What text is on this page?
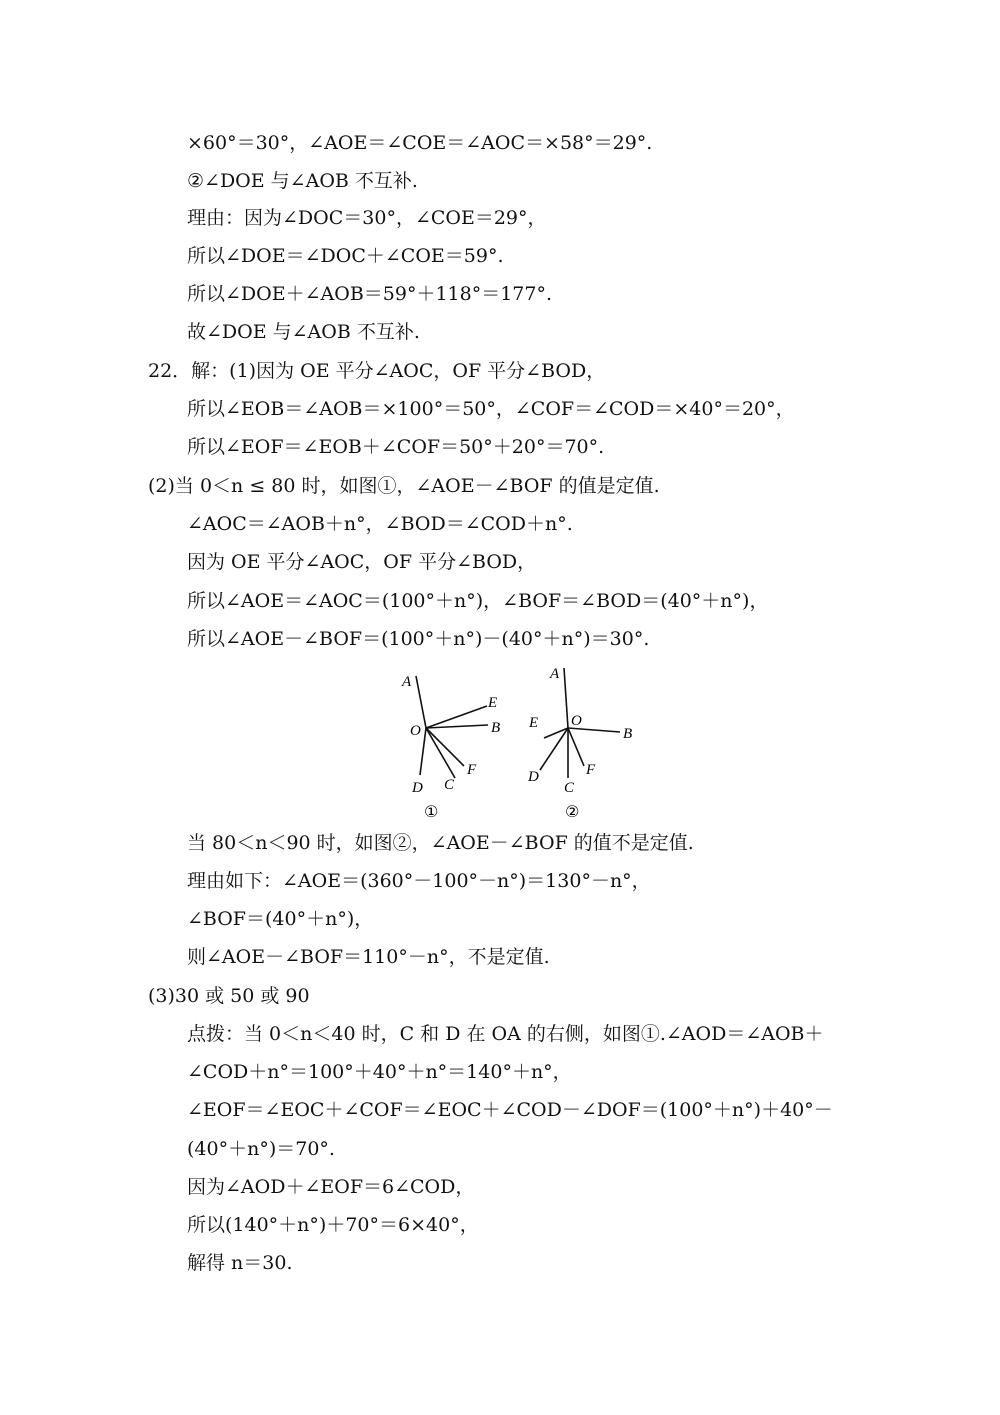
×60°＝30°，∠AOE＝∠COE＝∠AOC＝×58°＝29°.
②∠DOE 与∠AOB 不互补.
理由：因为∠DOC＝30°，∠COE＝29°，
所以∠DOE＝∠DOC＋∠COE＝59°.
所以∠DOE＋∠AOB＝59°＋118°＝177°.
故∠DOE 与∠AOB 不互补.
22．解：(1)因为 OE 平分∠AOC，OF 平分∠BOD，
所以∠EOB＝∠AOB＝×100°＝50°，∠COF＝∠COD＝×40°＝20°，
所以∠EOF＝∠EOB＋∠COF＝50°＋20°＝70°.
(2)当 0＜n ≤ 80 时，如图①，∠AOE－∠BOF 的值是定值.
∠AOC＝∠AOB＋n°，∠BOD＝∠COD＋n°.
因为 OE 平分∠AOC，OF 平分∠BOD，
所以∠AOE＝∠AOC＝(100°＋n°)，∠BOF＝∠BOD＝(40°＋n°)，
所以∠AOE－∠BOF＝(100°＋n°)－(40°＋n°)＝30°.
A
E
O	B
F
C
D
①
A
E O
B
F
C
D
②
当 80＜n＜90 时，如图②，∠AOE－∠BOF 的值不是定值.
理由如下：∠AOE＝(360°－100°－n°)＝130°－n°，
∠BOF＝(40°＋n°)，
则∠AOE－∠BOF＝110°－n°，不是定值.
(3)30 或 50 或 90
点拨：当 0＜n＜40 时，C 和 D 在 OA 的右侧，如图①.∠AOD＝∠AOB＋
∠COD＋n°＝100°＋40°＋n°＝140°＋n°，
∠EOF＝∠EOC＋∠COF＝∠EOC＋∠COD－∠DOF＝(100°＋n°)＋40°－
(40°＋n°)＝70°.
因为∠AOD＋∠EOF＝6∠COD，
所以(140°＋n°)＋70°＝6×40°，
解得 n＝30.
